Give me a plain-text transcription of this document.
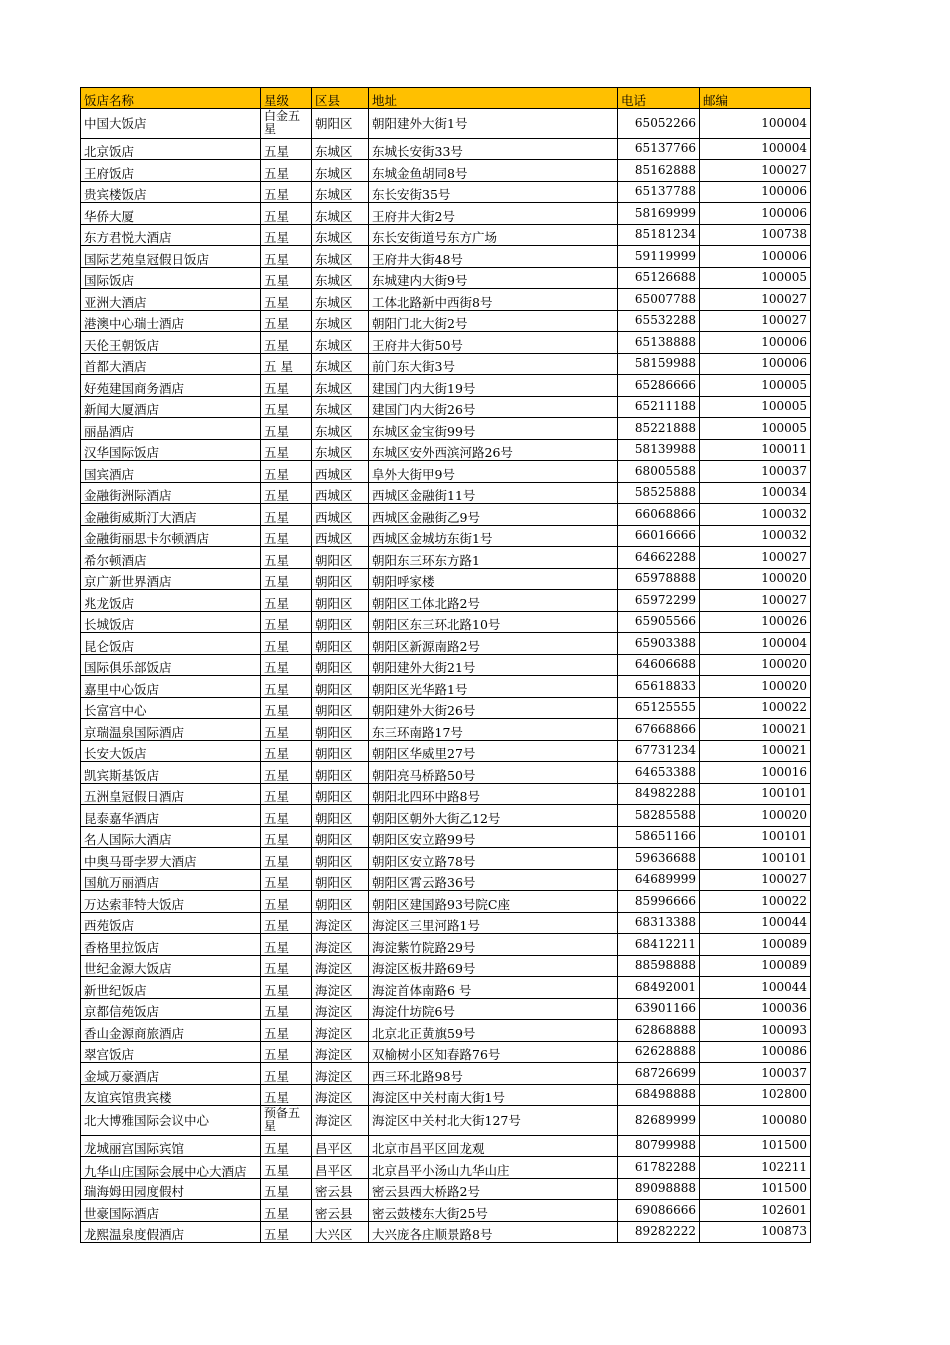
饭店名称	星级	区县	地址	电话	邮编
中国大饭店	白金五星	朝阳区	朝阳建外大街1号	65052266	100004
北京饭店	五星	东城区	东城长安街33号	65137766	100004
王府饭店	五星	东城区	东城金鱼胡同8号	85162888	100027
贵宾楼饭店	五星	东城区	东长安街35号	65137788	100006
华侨大厦	五星	东城区	王府井大街2号	58169999	100006
东方君悦大酒店	五星	东城区	东长安街道号东方广场	85181234	100738
国际艺苑皇冠假日饭店	五星	东城区	王府井大街48号	59119999	100006
国际饭店	五星	东城区	东城建内大街9号	65126688	100005
亚洲大酒店	五星	东城区	工体北路新中西街8号	65007788	100027
港澳中心瑞士酒店	五星	东城区	朝阳门北大街2号	65532288	100027
天伦王朝饭店	五星	东城区	王府井大街50号	65138888	100006
首都大酒店	五 星	东城区	前门东大街3号	58159988	100006
好苑建国商务酒店	五星	东城区	建国门内大街19号	65286666	100005
新闻大厦酒店	五星	东城区	建国门内大街26号	65211188	100005
丽晶酒店	五星	东城区	东城区金宝街99号	85221888	100005
汉华国际饭店	五星	东城区	东城区安外西滨河路26号	58139988	100011
国宾酒店	五星	西城区	阜外大街甲9号	68005588	100037
金融街洲际酒店	五星	西城区	西城区金融街11号	58525888	100034
金融街威斯汀大酒店	五星	西城区	西城区金融街乙9号	66068866	100032
金融街丽思卡尔顿酒店	五星	西城区	西城区金城坊东街1号	66016666	100032
希尔顿酒店	五星	朝阳区	朝阳东三环东方路1	64662288	100027
京广新世界酒店	五星	朝阳区	朝阳呼家楼	65978888	100020
兆龙饭店	五星	朝阳区	朝阳区工体北路2号	65972299	100027
长城饭店	五星	朝阳区	朝阳区东三环北路10号	65905566	100026
昆仑饭店	五星	朝阳区	朝阳区新源南路2号	65903388	100004
国际俱乐部饭店	五星	朝阳区	朝阳建外大街21号	64606688	100020
嘉里中心饭店	五星	朝阳区	朝阳区光华路1号	65618833	100020
长富宫中心	五星	朝阳区	朝阳建外大街26号	65125555	100022
京瑞温泉国际酒店	五星	朝阳区	东三环南路17号	67668866	100021
长安大饭店	五星	朝阳区	朝阳区华威里27号	67731234	100021
凯宾斯基饭店	五星	朝阳区	朝阳亮马桥路50号	64653388	100016
五洲皇冠假日酒店	五星	朝阳区	朝阳北四环中路8号	84982288	100101
昆泰嘉华酒店	五星	朝阳区	朝阳区朝外大街乙12号	58285588	100020
名人国际大酒店	五星	朝阳区	朝阳区安立路99号	58651166	100101
中奥马哥孛罗大酒店	五星	朝阳区	朝阳区安立路78号	59636688	100101
国航万丽酒店	五星	朝阳区	朝阳区霄云路36号	64689999	100027
万达索菲特大饭店	五星	朝阳区	朝阳区建国路93号院C座	85996666	100022
西苑饭店	五星	海淀区	海淀区三里河路1号	68313388	100044
香格里拉饭店	五星	海淀区	海淀紫竹院路29号	68412211	100089
世纪金源大饭店	五星	海淀区	海淀区板井路69号	88598888	100089
新世纪饭店	五星	海淀区	海淀首体南路6 号	68492001	100044
京都信苑饭店	五星	海淀区	海淀什坊院6号	63901166	100036
香山金源商旅酒店	五星	海淀区	北京北正黄旗59号	62868888	100093
翠宫饭店	五星	海淀区	双榆树小区知春路76号	62628888	100086
金域万豪酒店	五星	海淀区	西三环北路98号	68726699	100037
友谊宾馆贵宾楼	五星	海淀区	海淀区中关村南大街1号	68498888	102800
北大博雅国际会议中心	预备五星	海淀区	海淀区中关村北大街127号	82689999	100080
龙城丽宫国际宾馆	五星	昌平区	北京市昌平区回龙观	80799988	101500
九华山庄国际会展中心大酒店	五星	昌平区	北京昌平小汤山九华山庄	61782288	102211
瑞海姆田园度假村	五星	密云县	密云县西大桥路2号	89098888	101500
世豪国际酒店	五星	密云县	密云鼓楼东大街25号	69086666	102601
龙熙温泉度假酒店	五星	大兴区	大兴庞各庄顺景路8号	89282222	100873
